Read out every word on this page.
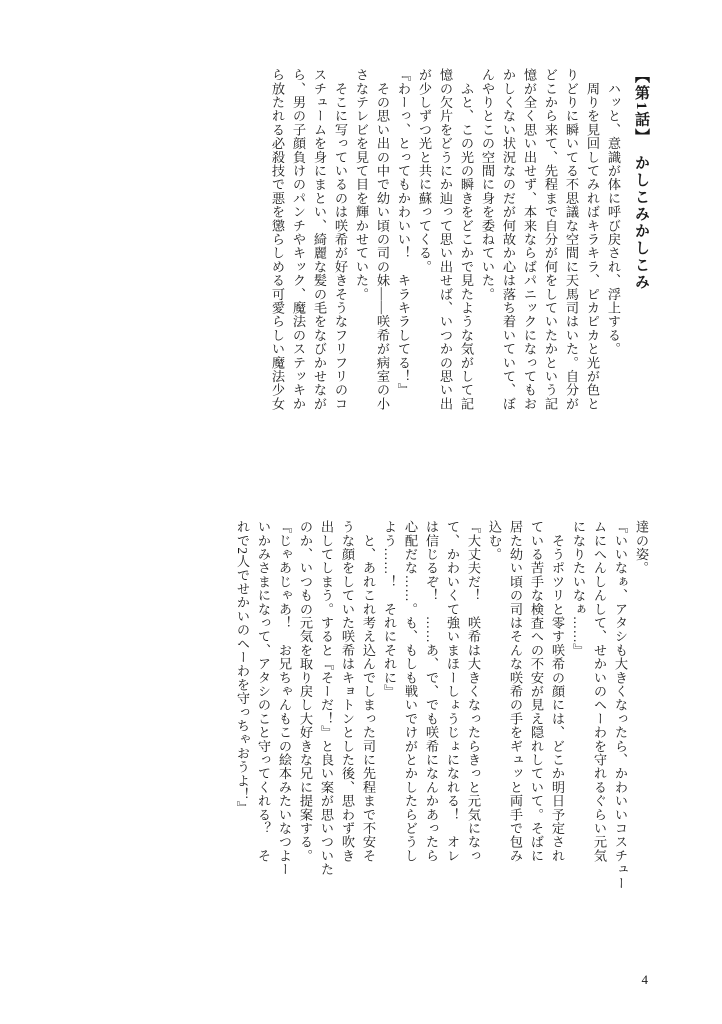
【第1話】　かしこみかしこみ
　ハッと、意識が体に呼び戻され、浮上する。
　周りを見回してみればキラキラ、ピカピカと光が色と
りどりに瞬いてる不思議な空間に天馬司はいた。自分が
どこから来て、先程まで自分が何をしていたかという記
憶が全く思い出せず、本来ならばパニックになってもお
かしくない状況なのだが何故か心は落ち着いていて、ぼ
んやりとこの空間に身を委ねていた。
　ふと、この光の瞬きをどこかで見たような気がして記
憶の欠片をどうにか辿って思い出せば、いつかの思い出
が少しずつ光と共に蘇ってくる。
『わーっ、とってもかわいい！　キラキラしてる！』
　その思い出の中で幼い頃の司の妹——咲希が病室の小
さなテレビを見て目を輝かせていた。
　そこに写っているのは咲希が好きそうなフリフリのコ
スチュームを身にまとい、綺麗な髪の毛をなびかせなが
ら、男の子顔負けのパンチやキック、魔法のステッキか
ら放たれる必殺技で悪を懲らしめる可愛らしい魔法少女
達の姿。
『いいなぁ、アタシも大きくなったら、かわいいコスチュー
ムにへんしんして、せかいのヘーわを守れるぐらい元気
になりたいなぁ……』
　そうポツリと零す咲希の顔には、どこか明日予定され
ている苦手な検査への不安が見え隠れしていて。そばに
居た幼い頃の司はそんな咲希の手をギュッと両手で包み
込む。
『大丈夫だ！　咲希は大きくなったらきっと元気になっ
て、かわいくて強いまほーしょうじょになれる！　オレ
は信じるぞ！　……あ、で、でも咲希になんかあったら
心配だな……。も、もしも戦いでけがとかしたらどうし
よう……！　それにそれに』
　と、あれこれ考え込んでしまった司に先程まで不安そ
うな顔をしていた咲希はキョトンとした後、思わず吹き
出してしまう。すると『そーだ！』と良い案が思いついた
のか、いつもの元気を取り戻し大好きな兄に提案する。
『じゃあじゃあ！　お兄ちゃんもこの絵本みたいなつよー
いかみさまになって、アタシのこと守ってくれる？　そ
れで2人でせかいのヘーわを守っちゃおうよ！』
4
